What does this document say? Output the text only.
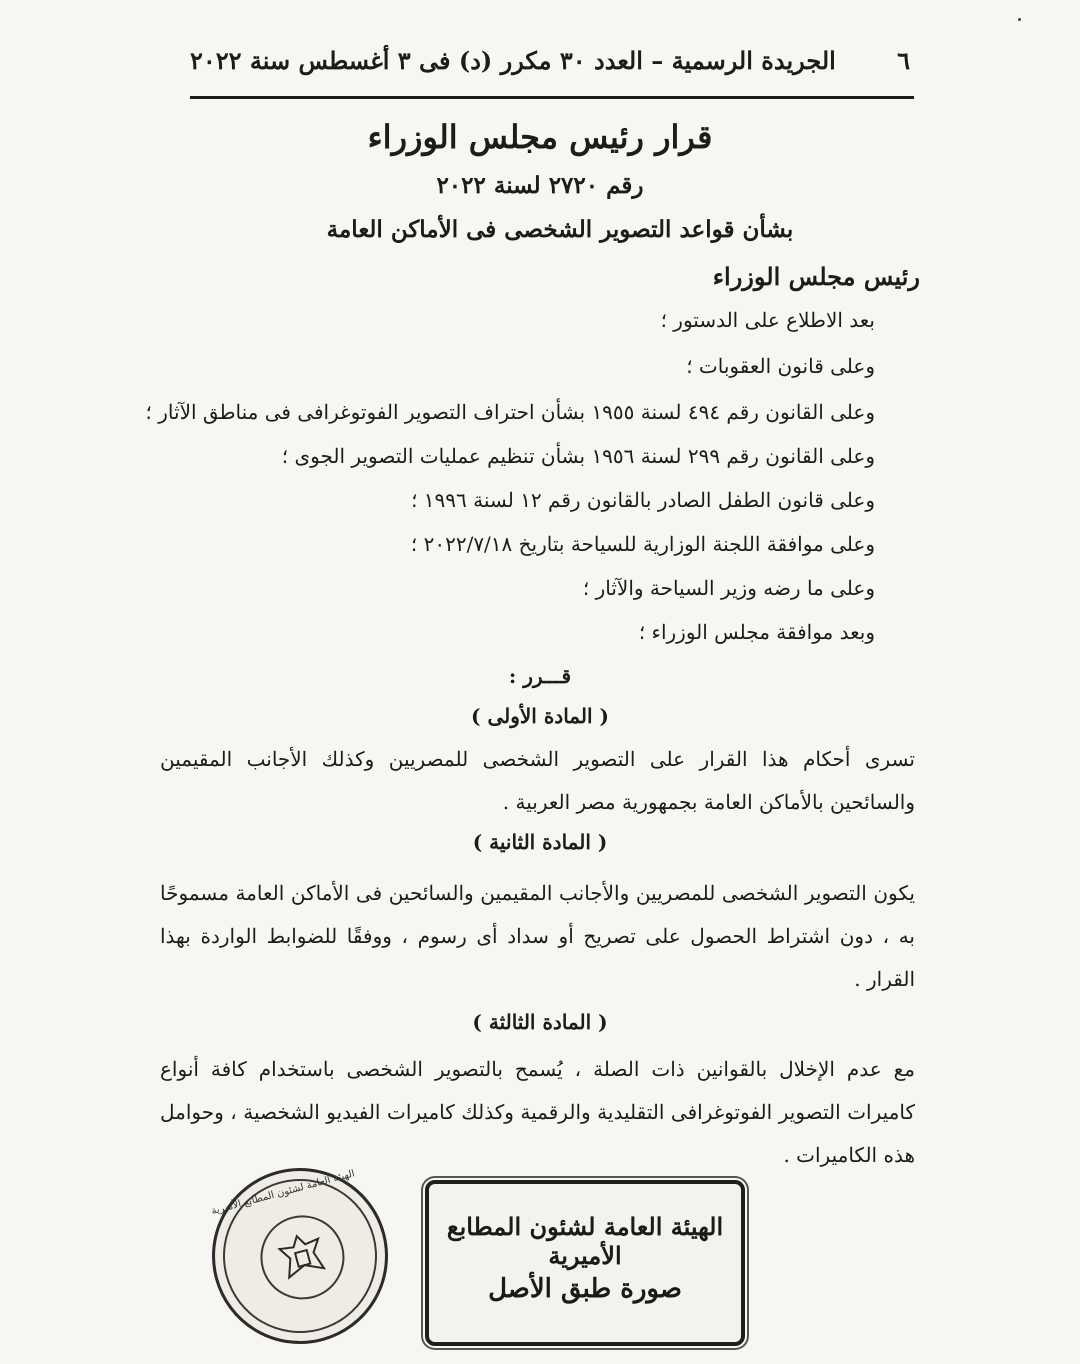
٦
الجريدة الرسمية – العدد ٣٠ مكرر (د) فى ٣ أغسطس سنة ٢٠٢٢
قرار رئيس مجلس الوزراء
رقم ٢٧٢٠ لسنة ٢٠٢٢
بشأن قواعد التصوير الشخصى فى الأماكن العامة
رئيس مجلس الوزراء
بعد الاطلاع على الدستور ؛
وعلى قانون العقوبات ؛
وعلى القانون رقم ٤٩٤ لسنة ١٩٥٥ بشأن احتراف التصوير الفوتوغرافى فى مناطق الآثار ؛
وعلى القانون رقم ٢٩٩ لسنة ١٩٥٦ بشأن تنظيم عمليات التصوير الجوى ؛
وعلى قانون الطفل الصادر بالقانون رقم ١٢ لسنة ١٩٩٦ ؛
وعلى موافقة اللجنة الوزارية للسياحة بتاريخ ٢٠٢٢/٧/١٨ ؛
وعلى ما رضه وزير السياحة والآثار ؛
وبعد موافقة مجلس الوزراء ؛
قـــرر :
( المادة الأولى )
تسرى أحكام هذا القرار على التصوير الشخصى للمصريين وكذلك الأجانب المقيمين والسائحين بالأماكن العامة بجمهورية مصر العربية .
( المادة الثانية )
يكون التصوير الشخصى للمصريين والأجانب المقيمين والسائحين فى الأماكن العامة مسموحًا به ، دون اشتراط الحصول على تصريح أو سداد أى رسوم ، ووفقًا للضوابط الواردة بهذا القرار .
( المادة الثالثة )
مع عدم الإخلال بالقوانين ذات الصلة ، يُسمح بالتصوير الشخصى باستخدام كافة أنواع كاميرات التصوير الفوتوغرافى التقليدية والرقمية وكذلك كاميرات الفيديو الشخصية ، وحوامل هذه الكاميرات .
الهيئة العامة لشئون المطابع الأميرية
الهيئة العامة لشئون المطابع الأميرية
صورة طبق الأصل
